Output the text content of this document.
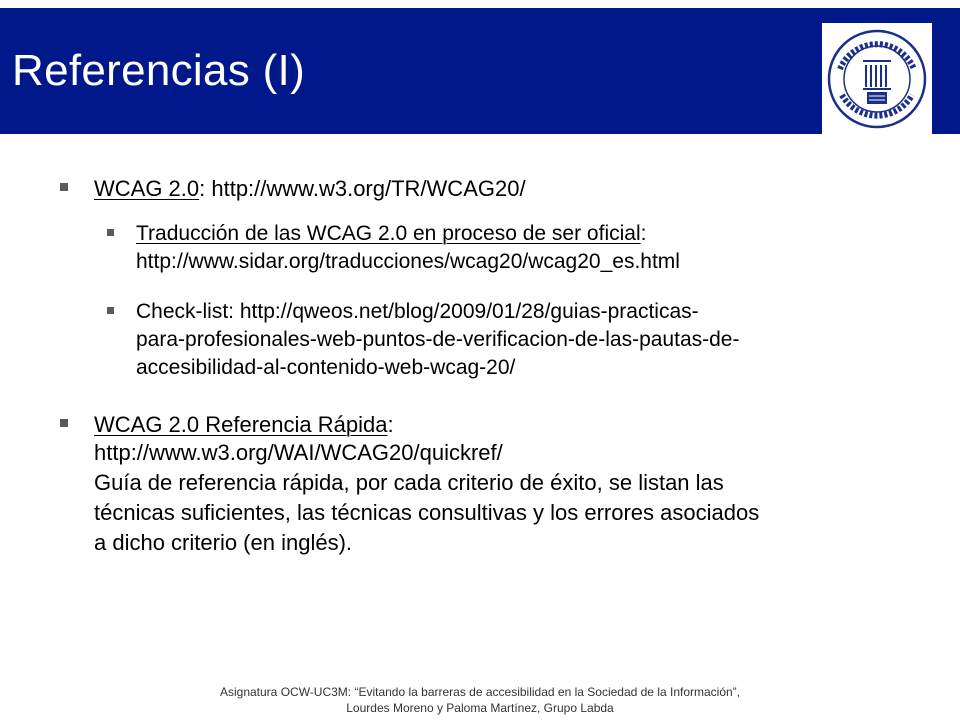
Referencias (I)
WCAG 2.0: http://www.w3.org/TR/WCAG20/
Traducción de las WCAG 2.0 en proceso de ser oficial:
http://www.sidar.org/traducciones/wcag20/wcag20_es.html
Check-list: http://qweos.net/blog/2009/01/28/guias-practicas-
para-profesionales-web-puntos-de-verificacion-de-las-pautas-de-
accesibilidad-al-contenido-web-wcag-20/
WCAG 2.0 Referencia Rápida:
http://www.w3.org/WAI/WCAG20/quickref/
Guía de referencia rápida, por cada criterio de éxito, se listan las
técnicas suficientes, las técnicas consultivas y los errores asociados
a dicho criterio (en inglés).
Asignatura OCW-UC3M: “Evitando la barreras de accesibilidad en la Sociedad de la Información”,
Lourdes Moreno y Paloma Martínez, Grupo Labda
